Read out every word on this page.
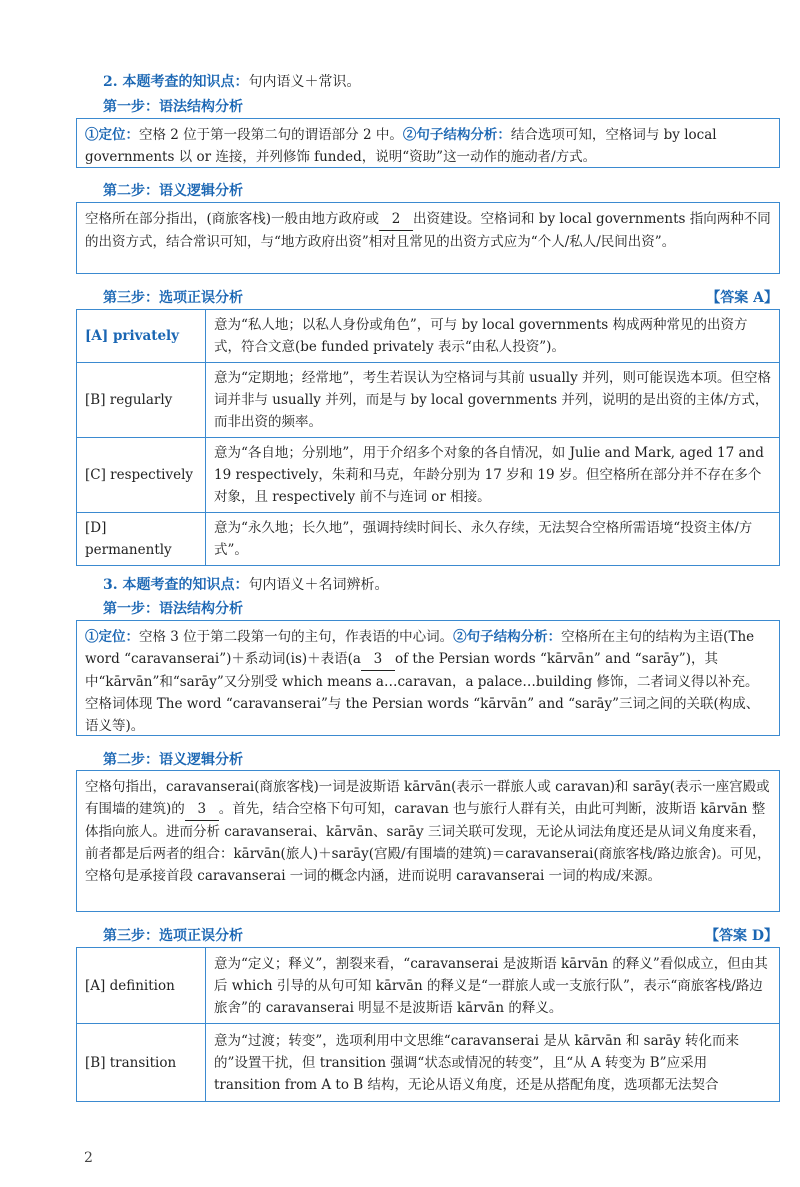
2. 本题考查的知识点：句内语义＋常识。
第一步：语法结构分析
①定位：空格 2 位于第一段第二句的谓语部分 2 中。②句子结构分析：结合选项可知，空格词与 by local governments 以 or 连接，并列修饰 funded，说明“资助”这一动作的施动者/方式。
第二步：语义逻辑分析
空格所在部分指出，(商旅客栈)一般由地方政府或 2 出资建设。空格词和 by local governments 指向两种不同的出资方式，结合常识可知，与“地方政府出资”相对且常见的出资方式应为“个人/私人/民间出资”。
第三步：选项正误分析	【答案 A】
[A] privately	意为“私人地；以私人身份或角色”，可与 by local governments 构成两种常见的出资方式，符合文意(be funded privately 表示“由私人投资”)。
[B] regularly	意为“定期地；经常地”，考生若误认为空格词与其前 usually 并列，则可能误选本项。但空格词并非与 usually 并列，而是与 by local governments 并列，说明的是出资的主体/方式，而非出资的频率。
[C] respectively	意为“各自地；分别地”，用于介绍多个对象的各自情况，如 Julie and Mark, aged 17 and 19 respectively，朱莉和马克，年龄分别为 17 岁和 19 岁。但空格所在部分并不存在多个对象，且 respectively 前不与连词 or 相接。
[D] permanently	意为“永久地；长久地”，强调持续时间长、永久存续，无法契合空格所需语境“投资主体/方式”。
3. 本题考查的知识点：句内语义＋名词辨析。
第一步：语法结构分析
①定位：空格 3 位于第二段第一句的主句，作表语的中心词。②句子结构分析：空格所在主句的结构为主语(The word “caravanserai”)＋系动词(is)＋表语(a 3 of the Persian words “kārvān” and “sarāy”)，其中“kārvān”和“sarāy”又分别受 which means a…caravan，a palace…building 修饰，二者词义得以补充。空格词体现 The word “caravanserai”与 the Persian words “kārvān” and “sarāy”三词之间的关联(构成、语义等)。
第二步：语义逻辑分析
空格句指出，caravanserai(商旅客栈)一词是波斯语 kārvān(表示一群旅人或 caravan)和 sarāy(表示一座宫殿或有围墙的建筑)的 3 。首先，结合空格下句可知，caravan 也与旅行人群有关，由此可判断，波斯语 kārvān 整体指向旅人。进而分析 caravanserai、kārvān、sarāy 三词关联可发现，无论从词法角度还是从词义角度来看，前者都是后两者的组合：kārvān(旅人)＋sarāy(宫殿/有围墙的建筑)＝caravanserai(商旅客栈/路边旅舍)。可见，空格句是承接首段 caravanserai 一词的概念内涵，进而说明 caravanserai 一词的构成/来源。
第三步：选项正误分析	【答案 D】
[A] definition	意为“定义；释义”，割裂来看，“caravanserai 是波斯语 kārvān 的释义”看似成立，但由其后 which 引导的从句可知 kārvān 的释义是“一群旅人或一支旅行队”，表示“商旅客栈/路边旅舍”的 caravanserai 明显不是波斯语 kārvān 的释义。
[B] transition	意为“过渡；转变”，选项利用中文思维“caravanserai 是从 kārvān 和 sarāy 转化而来的”设置干扰，但 transition 强调“状态或情况的转变”，且“从 A 转变为 B”应采用 transition from A to B 结构，无论从语义角度，还是从搭配角度，选项都无法契合
2
